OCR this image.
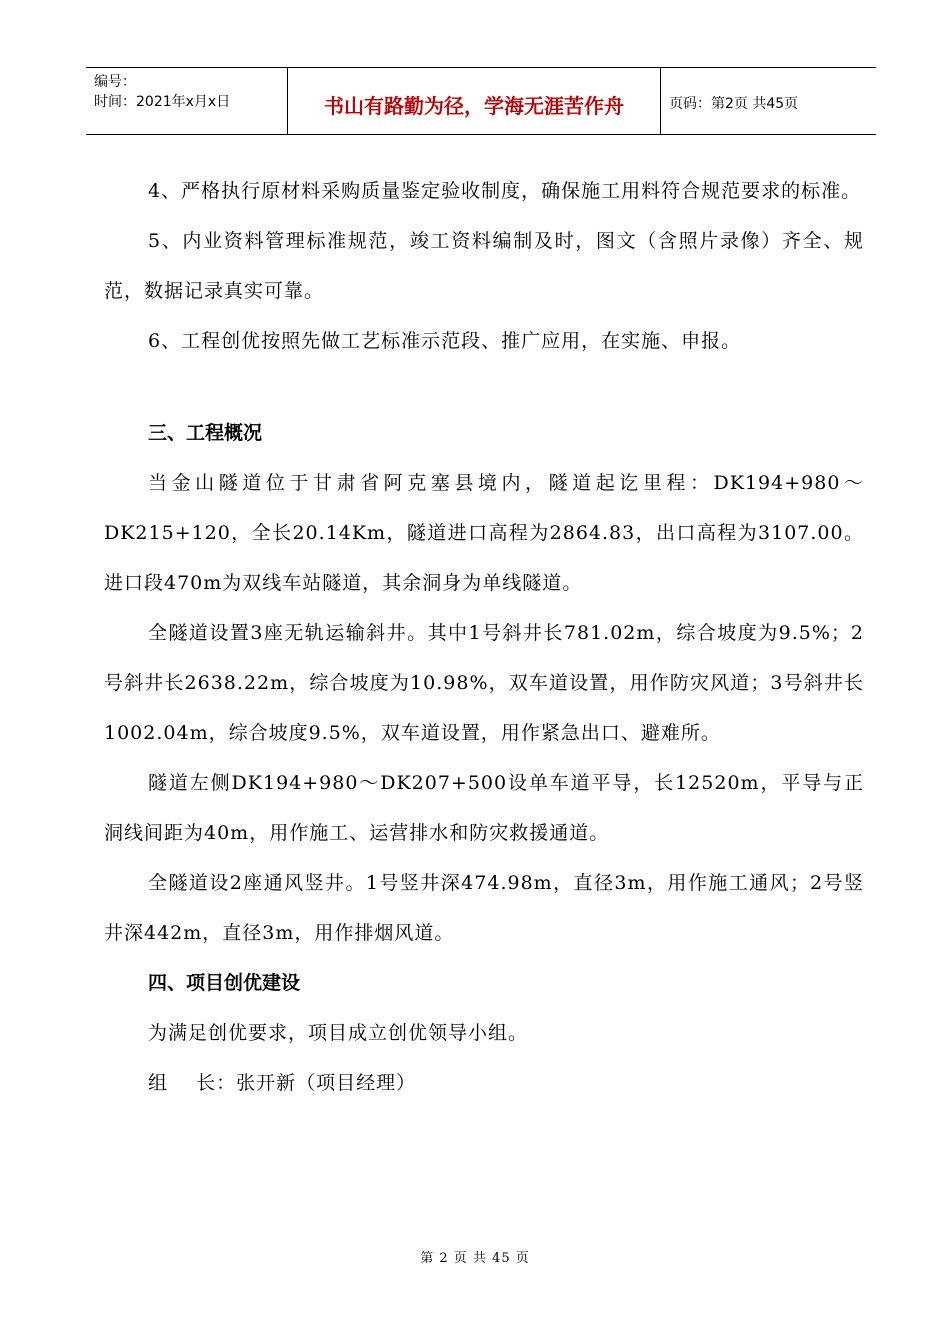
编号：
时间：2021年x月x日	书山有路勤为径，学海无涯苦作舟	页码：第2页 共45页

4、严格执行原材料采购质量鉴定验收制度，确保施工用料符合规范要求的标准。

5、内业资料管理标准规范，竣工资料编制及时，图文（含照片录像）齐全、规范，数据记录真实可靠。

6、工程创优按照先做工艺标准示范段、推广应用，在实施、申报。

三、工程概况

当金山隧道位于甘肃省阿克塞县境内，隧道起讫里程：DK194+980～DK215+120，全长20.14Km，隧道进口高程为2864.83，出口高程为3107.00。进口段470m为双线车站隧道，其余洞身为单线隧道。

全隧道设置3座无轨运输斜井。其中1号斜井长781.02m，综合坡度为9.5%；2号斜井长2638.22m，综合坡度为10.98%，双车道设置，用作防灾风道；3号斜井长1002.04m，综合坡度9.5%，双车道设置，用作紧急出口、避难所。

隧道左侧DK194+980～DK207+500设单车道平导，长12520m，平导与正洞线间距为40m，用作施工、运营排水和防灾救援通道。

全隧道设2座通风竖井。1号竖井深474.98m，直径3m，用作施工通风；2号竖井深442m，直径3m，用作排烟风道。

四、项目创优建设

为满足创优要求，项目成立创优领导小组。

组    长：张开新（项目经理）

第 2 页 共 45 页
